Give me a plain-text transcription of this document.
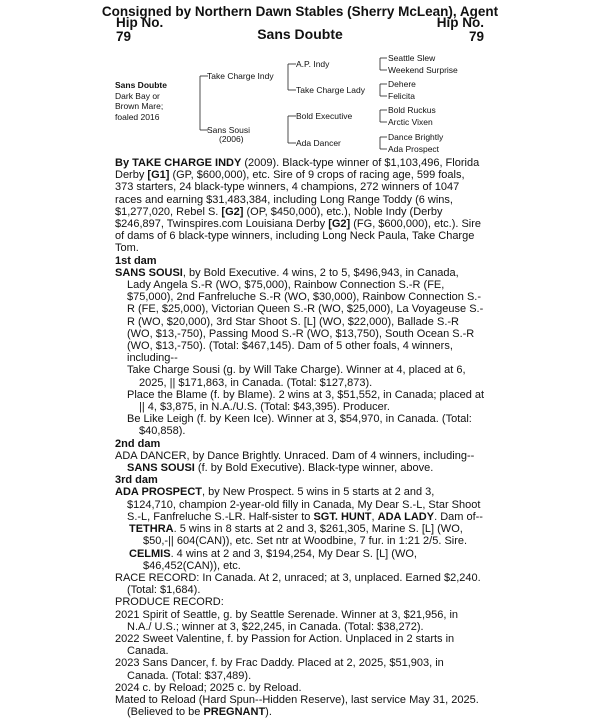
Consigned by Northern Dawn Stables (Sherry McLean), Agent
Hip No.
79
Hip No.
79
Sans Doubte
Sans Doubte
Dark Bay or
Brown Mare;
foaled 2016
Take Charge Indy
Sans Sousi
(2006)
A.P. Indy
Take Charge Lady
Bold Executive
Ada Dancer
Seattle Slew
Weekend Surprise
Dehere
Felicita
Bold Ruckus
Arctic Vixen
Dance Brightly
Ada Prospect

By TAKE CHARGE INDY (2009). Black-type winner of $1,103,496, Florida Derby [G1] (GP, $600,000), etc. Sire of 9 crops of racing age, 599 foals, 373 starters, 24 black-type winners, 4 champions, 272 winners of 1047 races and earning $31,483,384, including Long Range Toddy (6 wins, $1,277,020, Rebel S. [G2] (OP, $450,000), etc.), Noble Indy (Derby $246,897, Twinspires.com Louisiana Derby [G2] (FG, $600,000), etc.). Sire of dams of 6 black-type winners, including Long Neck Paula, Take Charge Tom.

1st dam

SANS SOUSI, by Bold Executive. 4 wins, 2 to 5, $496,943, in Canada, Lady Angela S.-R (WO, $75,000), Rainbow Connection S.-R (FE, $75,000), 2nd Fanfreluche S.-R (WO, $30,000), Rainbow Connection S.-R (FE, $25,000), Victorian Queen S.-R (WO, $25,000), La Voyageuse S.-R (WO, $20,000), 3rd Star Shoot S. [L] (WO, $22,000), Ballade S.-R (WO, $13,-750), Passing Mood S.-R (WO, $13,750), South Ocean S.-R (WO, $13,-750). (Total: $467,145). Dam of 5 other foals, 4 winners, including--

Take Charge Sousi (g. by Will Take Charge). Winner at 4, placed at 6, 2025, || $171,863, in Canada. (Total: $127,873).

Place the Blame (f. by Blame). 2 wins at 3, $51,552, in Canada; placed at || 4, $3,875, in N.A./U.S. (Total: $43,395). Producer.

Be Like Leigh (f. by Keen Ice). Winner at 3, $54,970, in Canada. (Total: $40,858).

2nd dam

ADA DANCER, by Dance Brightly. Unraced. Dam of 4 winners, including--

SANS SOUSI (f. by Bold Executive). Black-type winner, above.

3rd dam

ADA PROSPECT, by New Prospect. 5 wins in 5 starts at 2 and 3, $124,710, champion 2-year-old filly in Canada, My Dear S.-L, Star Shoot S.-L, Fanfreluche S.-LR. Half-sister to SGT. HUNT, ADA LADY. Dam of--

TETHRA. 5 wins in 8 starts at 2 and 3, $261,305, Marine S. [L] (WO, $50,-|| 604(CAN)), etc. Set ntr at Woodbine, 7 fur. in 1:21 2/5. Sire.

CELMIS. 4 wins at 2 and 3, $194,254, My Dear S. [L] (WO, $46,452(CAN)), etc.

RACE RECORD: In Canada. At 2, unraced; at 3, unplaced. Earned $2,240. (Total: $1,684).

PRODUCE RECORD:

2021 Spirit of Seattle, g. by Seattle Serenade. Winner at 3, $21,956, in N.A./ U.S.; winner at 3, $22,245, in Canada. (Total: $38,272).

2022 Sweet Valentine, f. by Passion for Action. Unplaced in 2 starts in Canada.

2023 Sans Dancer, f. by Frac Daddy. Placed at 2, 2025, $51,903, in Canada. (Total: $37,489).

2024 c. by Reload; 2025 c. by Reload.

Mated to Reload (Hard Spun--Hidden Reserve), last service May 31, 2025. (Believed to be PREGNANT).
